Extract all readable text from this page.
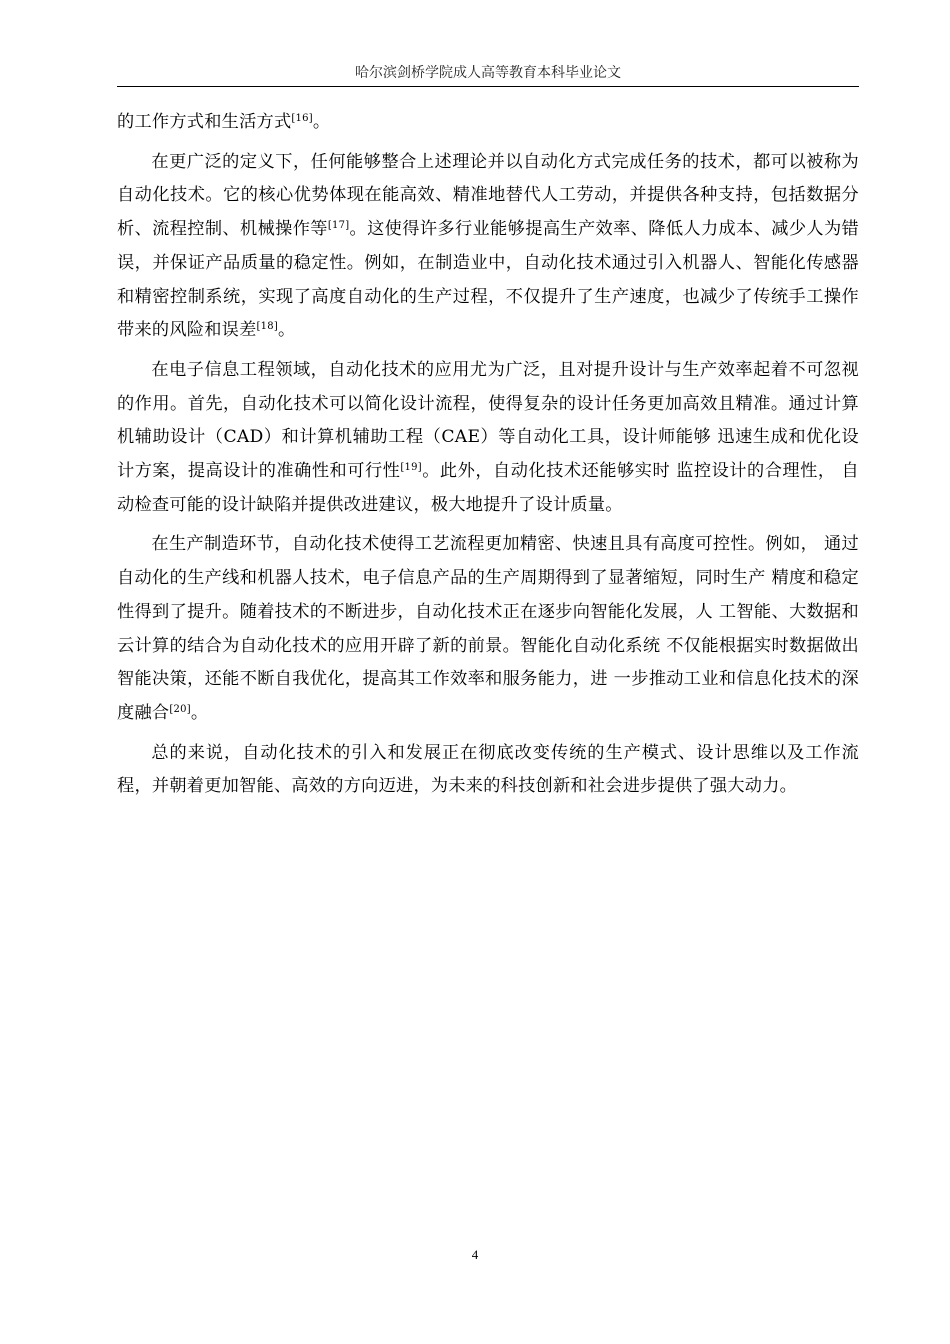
哈尔滨剑桥学院成人高等教育本科毕业论文

的工作方式和生活方式[16]。

在更广泛的定义下，任何能够整合上述理论并以自动化方式完成任务的技术，都可以被称为自动化技术。它的核心优势体现在能高效、精准地替代人工劳动，并提供各种支持，包括数据分析、流程控制、机械操作等[17]。这使得许多行业能够提高生产效率、降低人力成本、减少人为错误，并保证产品质量的稳定性。例如，在制造业中，自动化技术通过引入机器人、智能化传感器和精密控制系统，实现了高度自动化的生产过程，不仅提升了生产速度，也减少了传统手工操作带来的风险和误差[18]。

在电子信息工程领域，自动化技术的应用尤为广泛，且对提升设计与生产效率起着不可忽视的作用。首先，自动化技术可以简化设计流程，使得复杂的设计任务更加高效且精准。通过计算机辅助设计（CAD）和计算机辅助工程（CAE）等自动化工具，设计师能够 迅速生成和优化设计方案，提高设计的准确性和可行性[19]。此外，自动化技术还能够实时 监控设计的合理性， 自动检查可能的设计缺陷并提供改进建议，极大地提升了设计质量。

在生产制造环节，自动化技术使得工艺流程更加精密、快速且具有高度可控性。例如， 通过自动化的生产线和机器人技术，电子信息产品的生产周期得到了显著缩短，同时生产 精度和稳定性得到了提升。随着技术的不断进步，自动化技术正在逐步向智能化发展，人 工智能、大数据和云计算的结合为自动化技术的应用开辟了新的前景。智能化自动化系统 不仅能根据实时数据做出智能决策，还能不断自我优化，提高其工作效率和服务能力，进 一步推动工业和信息化技术的深度融合[20]。

总的来说，自动化技术的引入和发展正在彻底改变传统的生产模式、设计思维以及工作流程，并朝着更加智能、高效的方向迈进，为未来的科技创新和社会进步提供了强大动力。

4
